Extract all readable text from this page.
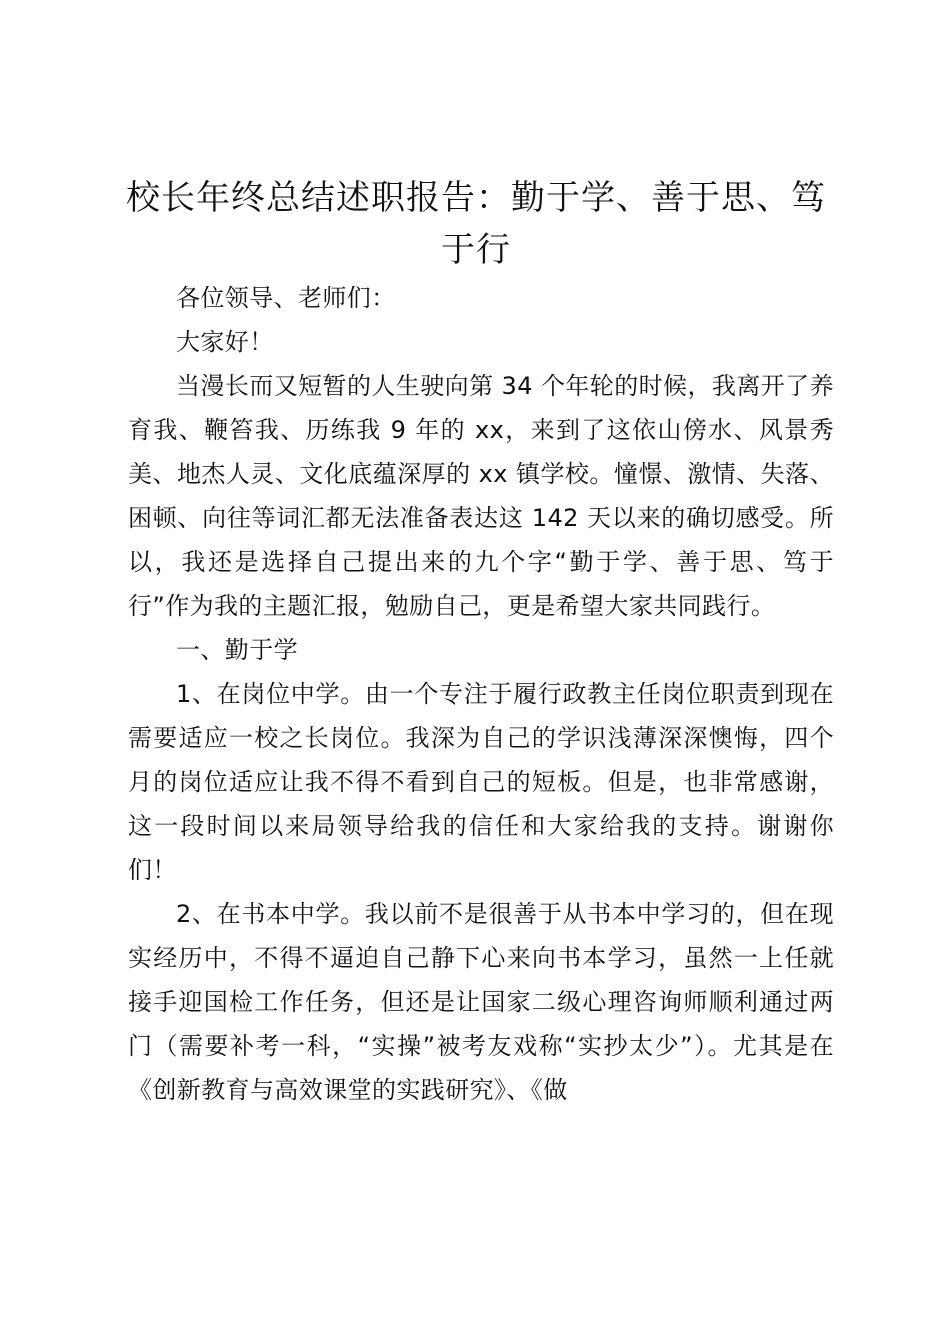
校长年终总结述职报告：勤于学、善于思、笃于行

各位领导、老师们：

大家好！

当漫长而又短暂的人生驶向第 34 个年轮的时候，我离开了养育我、鞭笞我、历练我 9 年的 xx，来到了这依山傍水、风景秀美、地杰人灵、文化底蕴深厚的 xx 镇学校。憧憬、激情、失落、困顿、向往等词汇都无法准备表达这 142 天以来的确切感受。所以，我还是选择自己提出来的九个字“勤于学、善于思、笃于行”作为我的主题汇报，勉励自己，更是希望大家共同践行。

一、勤于学

1、在岗位中学。由一个专注于履行政教主任岗位职责到现在需要适应一校之长岗位。我深为自己的学识浅薄深深懊悔，四个月的岗位适应让我不得不看到自己的短板。但是，也非常感谢，这一段时间以来局领导给我的信任和大家给我的支持。谢谢你们！

2、在书本中学。我以前不是很善于从书本中学习的，但在现实经历中，不得不逼迫自己静下心来向书本学习，虽然一上任就接手迎国检工作任务，但还是让国家二级心理咨询师顺利通过两门（需要补考一科，“实操”被考友戏称“实抄太少”）。尤其是在《创新教育与高效课堂的实践研究》、《做
